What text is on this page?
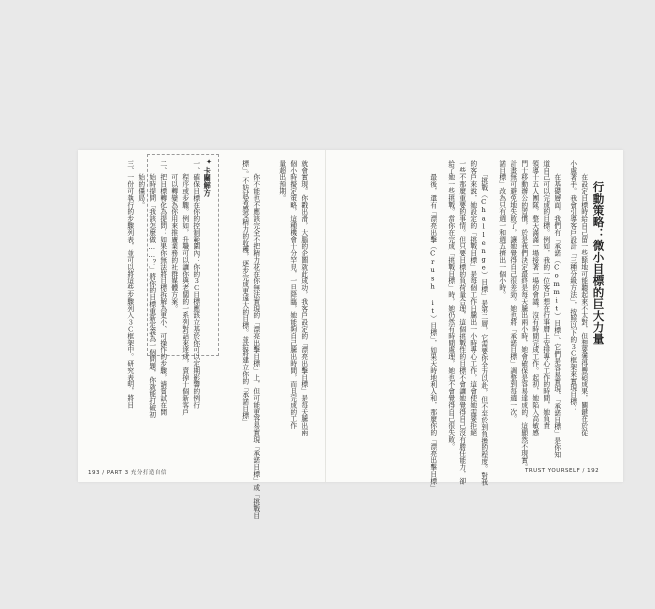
行動策略：微小目標的巨大力量
　　在設定目標時給自己留一些餘地可能聽起來不太對，但想要獲得豐碩成果，關鍵在於從
小處著手。我會引導客戶設計「三種分級方法」，按照以下的３Ｃ框架來實現目標：
　　在基礎層面，我們有「承諾（Commit）目標」、它們是容易實現、「承諾目標」是你知
道自己可以完成的目標。例如，我的一位客戶想在行事曆上安排專心工作的時間，她負責
領導十五人團隊，整天滿滿一場接著一場的會議，沒有時間完成工作。起初，她陷入高敏感
門士移動辦公的習慣，於是我們決定最終是每天騰出兩小時，她會確保是容易達成的，這顯然不現實。
計畫無可避免地失敗了，讓她覺得自己很差勁。她也將「承諾目標」調整到每週一次。
諾目標」改為只有週一和週五擠出一個小時。
　　「挑戰（Challenge）目標」是第二層，它需要你全力以赴，但不至於到負擔的程度。對我
的客戶來說，她設定的「挑戰目標」是每個工作日騰出一小時專心工作，這會使她需要拒絕
一些不那麼重要的事情。但只要目標的負荷量合理，這個挑戰性的目標不會讓她覺得自己沒有勝任能力，卻
給了她一些挑戰。當你在完成「挑戰目標」時，她仍然有時間處理，她也不會覺得自己很失敗。
　　最後，還有「漂亮出擊（Crush it）目標」，如果天時地利人和，那麼你的「漂亮出擊目標」	TRUST YOURSELF / 192
就會實現。你戳出滑，大腦的企圖就此成功，我客戶設定的「漂亮出擊目標」是每天騰出兩
個小時擬定策略，這種機會十分罕見，一旦降臨，她能夠自己騰出時間，而且完成的工作
量超出預期。
　　你不能也不應該完全不把精力花在你無法實現的「漂亮出擊目標」上，但可能更容易實現「承諾目標」或「挑戰目
標」。不妨試著感受精力的收穫，逐步完成更遠大的目標。並給將建立你的「承諾目標」
✦
卡關解方
一、確保目標在你的控制範圍內：你的３Ｃ目標應該立基於你可以定期影響的例行
　　程序或步驟。例如，升職可以讓你與老闆的一系列對話來達成，賣掉十個新客戶
　　可以轉變為你用來推廣業務的社群媒體方案。
二、把目標轉化為提問：如果你無法將目標拆解為更小、可操作的步驟，請嘗試在開
　　始時提問「我該怎麼做……？」將你的目標重新定義為一個問題，你就能打破初
　　始的僵局。
三、一份可執行的步驟列表，並可以將這些步驟列入３Ｃ框架中。研究表明，將目
193 / PART 3 充分打造自信
